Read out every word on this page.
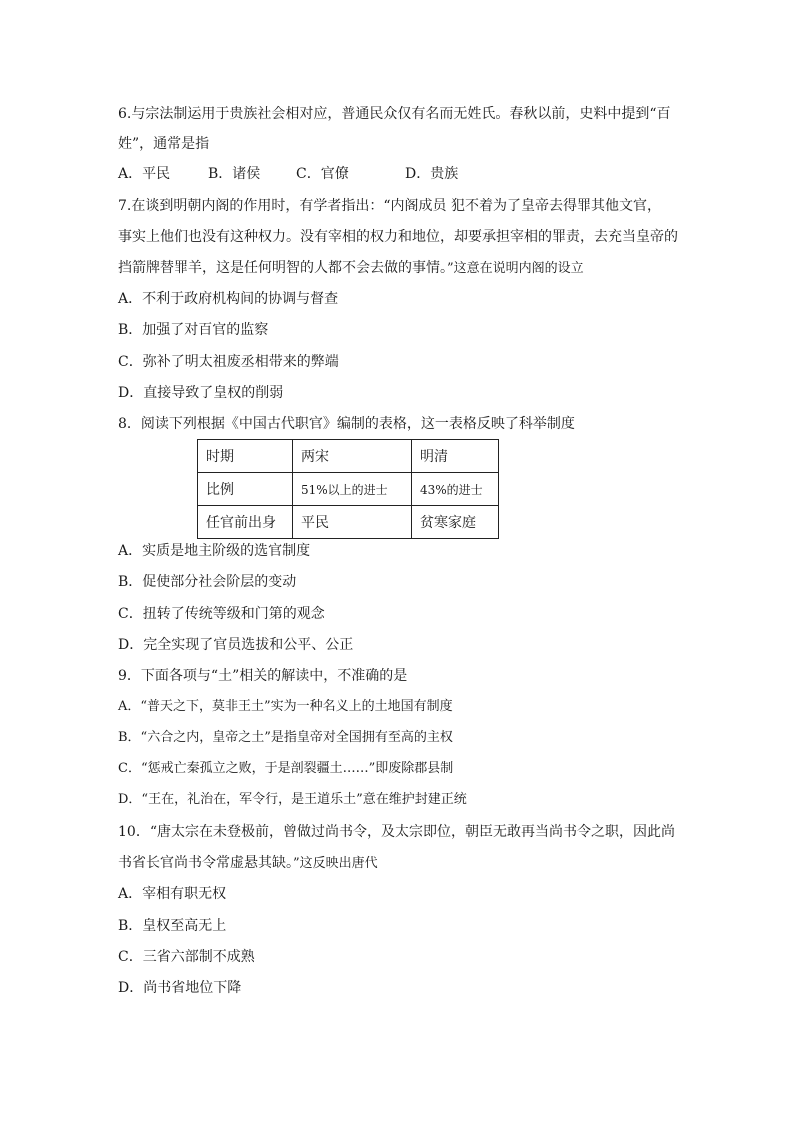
6.与宗法制运用于贵族社会相对应，普通民众仅有名而无姓氏。春秋以前，史料中提到“百
姓”，通常是指
A．平民	B．诸侯	C．官僚	D．贵族
7.在谈到明朝内阁的作用时，有学者指出：“内阁成员 犯不着为了皇帝去得罪其他文官，
事实上他们也没有这种权力。没有宰相的权力和地位，却要承担宰相的罪责，去充当皇帝的
挡箭牌替罪羊，这是任何明智的人都不会去做的事情。”这意在说明内阁的设立
A．不利于政府机构间的协调与督查
B．加强了对百官的监察
C．弥补了明太祖废丞相带来的弊端
D．直接导致了皇权的削弱
8．阅读下列根据《中国古代职官》编制的表格，这一表格反映了科举制度
时期	两宋	明清
比例	51%以上的进士	43%的进士
任官前出身	平民	贫寒家庭
A．实质是地主阶级的选官制度
B．促使部分社会阶层的变动
C．扭转了传统等级和门第的观念
D．完全实现了官员选拔和公平、公正
9．下面各项与“土”相关的解读中，不准确的是
A．“普天之下，莫非王土”实为一种名义上的土地国有制度
B．“六合之内，皇帝之土”是指皇帝对全国拥有至高的主权
C．“惩戒亡秦孤立之败，于是剖裂疆土……”即废除郡县制
D．“王在，礼治在，军令行，是王道乐土”意在维护封建正统
10．“唐太宗在未登极前，曾做过尚书令，及太宗即位，朝臣无敢再当尚书令之职，因此尚
书省长官尚书令常虚悬其缺。”这反映出唐代
A．宰相有职无权
B．皇权至高无上
C．三省六部制不成熟
D．尚书省地位下降
